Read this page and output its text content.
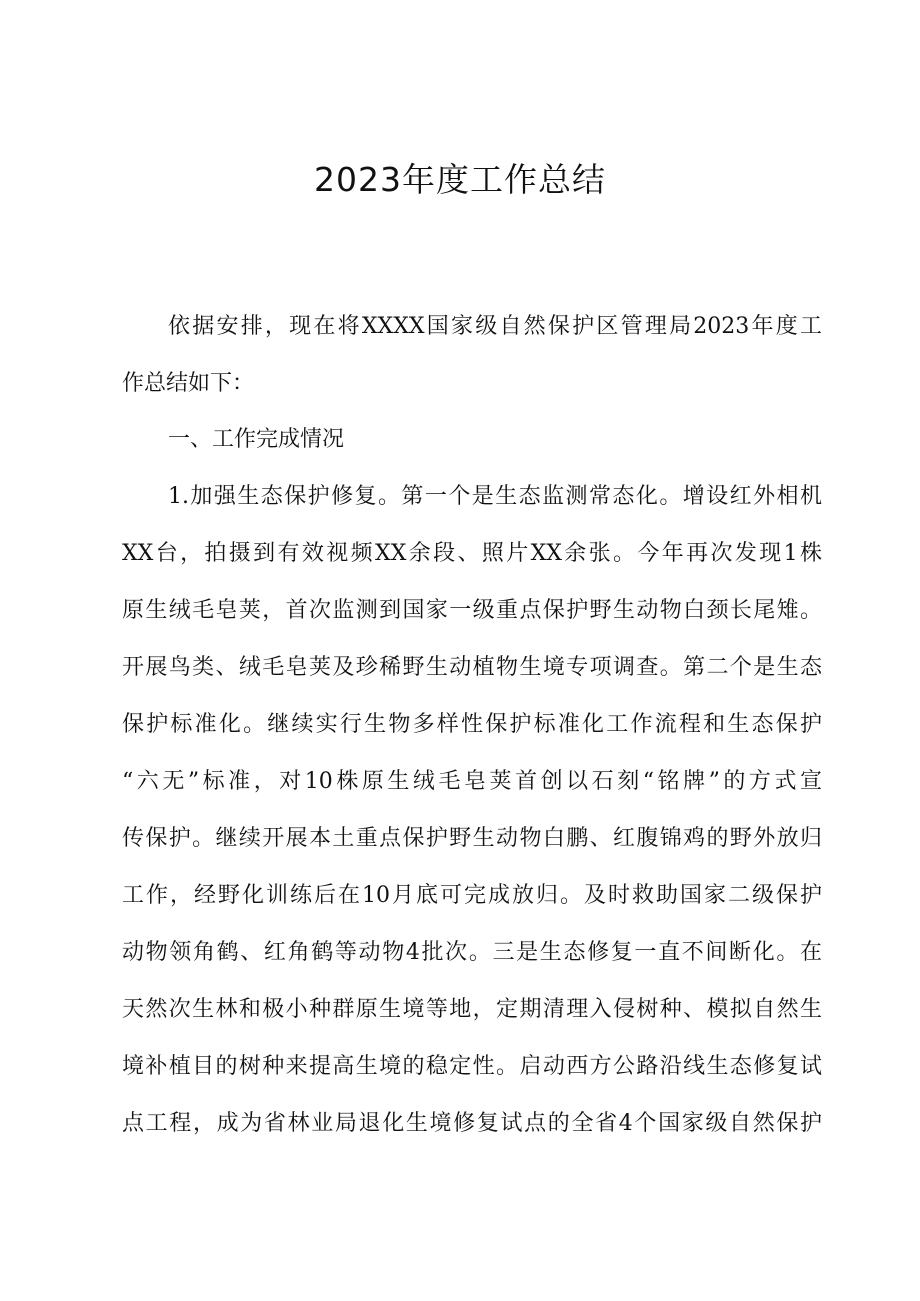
2023年度工作总结

依据安排，现在将XXXX国家级自然保护区管理局2023年度工

作总结如下：

一、工作完成情况

1.加强生态保护修复。第一个是生态监测常态化。增设红外相机

XX台，拍摄到有效视频XX余段、照片XX余张。今年再次发现1株

原生绒毛皂荚，首次监测到国家一级重点保护野生动物白颈长尾雉。

开展鸟类、绒毛皂荚及珍稀野生动植物生境专项调查。第二个是生态

保护标准化。继续实行生物多样性保护标准化工作流程和生态保护

“六无”标准，对10株原生绒毛皂荚首创以石刻“铭牌”的方式宣

传保护。继续开展本土重点保护野生动物白鹏、红腹锦鸡的野外放归

工作，经野化训练后在10月底可完成放归。及时救助国家二级保护

动物领角鹤、红角鹤等动物4批次。三是生态修复一直不间断化。在

天然次生林和极小种群原生境等地，定期清理入侵树种、模拟自然生

境补植目的树种来提高生境的稳定性。启动西方公路沿线生态修复试

点工程，成为省林业局退化生境修复试点的全省4个国家级自然保护
